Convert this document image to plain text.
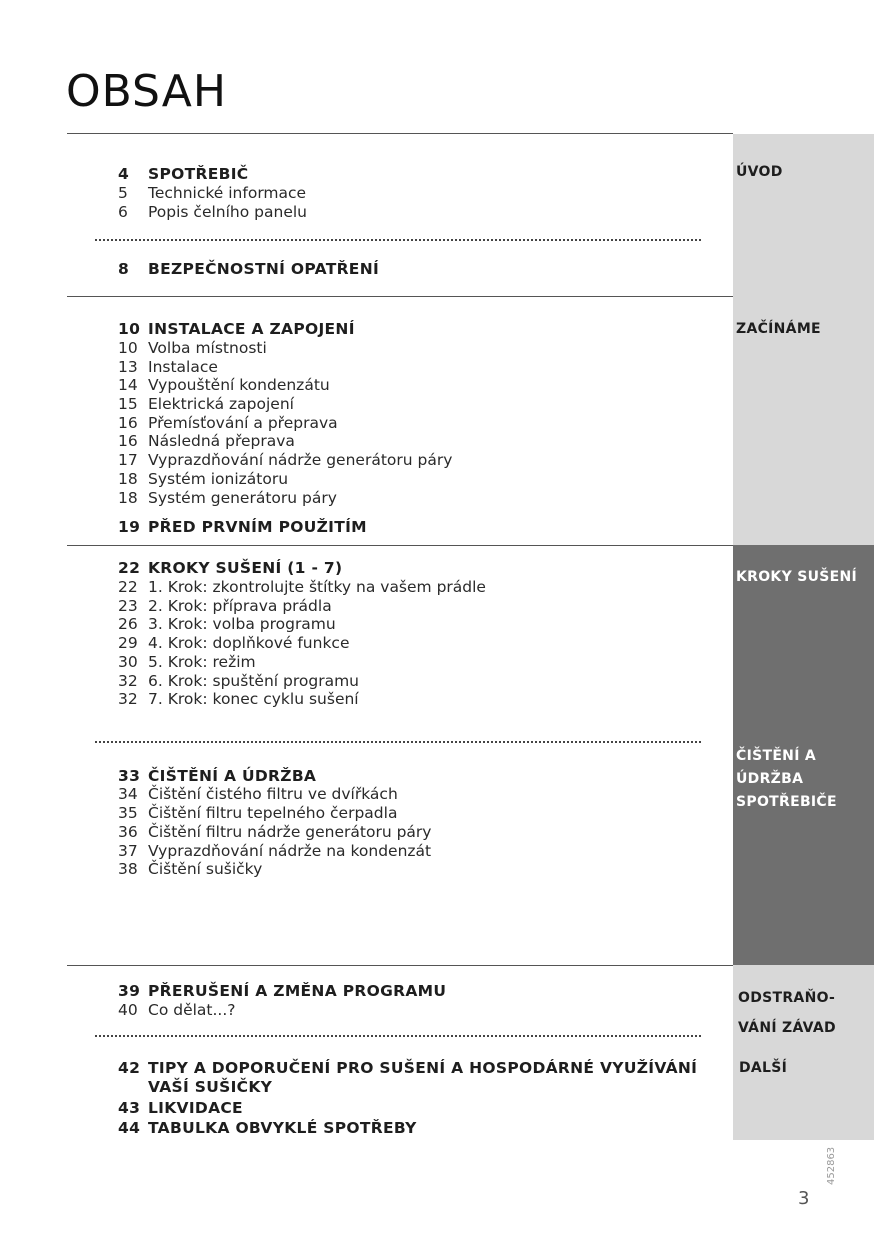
OBSAH
ÚVOD
ZAČÍNÁME
KROKY SUŠENÍ
ČIŠTĚNÍ A
ÚDRŽBA
SPOTŘEBIČE
ODSTRAŇO-
VÁNÍ ZÁVAD
DALŠÍ
4 SPOTŘEBIČ
5 Technické informace
6 Popis čelního panelu
8 BEZPEČNOSTNÍ OPATŘENÍ
10 INSTALACE A ZAPOJENÍ
10 Volba místnosti
13 Instalace
14 Vypouštění kondenzátu
15 Elektrická zapojení
16 Přemísťování a přeprava
16 Následná přeprava
17 Vyprazdňování nádrže generátoru páry
18 Systém ionizátoru
18 Systém generátoru páry
19 PŘED PRVNÍM POUŽITÍM
22 KROKY SUŠENÍ (1 - 7)
22 1. Krok: zkontrolujte štítky na vašem prádle
23 2. Krok: příprava prádla
26 3. Krok: volba programu
29 4. Krok: doplňkové funkce
30 5. Krok: režim
32 6. Krok: spuštění programu
32 7. Krok: konec cyklu sušení
33 ČIŠTĚNÍ A ÚDRŽBA
34 Čištění čistého filtru ve dvířkách
35 Čištění filtru tepelného čerpadla
36 Čištění filtru nádrže generátoru páry
37 Vyprazdňování nádrže na kondenzát
38 Čištění sušičky
39 PŘERUŠENÍ A ZMĚNA PROGRAMU
40 Co dělat...?
42 TIPY A DOPORUČENÍ PRO SUŠENÍ A HOSPODÁRNÉ VYUŽÍVÁNÍ VAŠÍ SUŠIČKY
43 LIKVIDACE
44 TABULKA OBVYKLÉ SPOTŘEBY
452863
3
